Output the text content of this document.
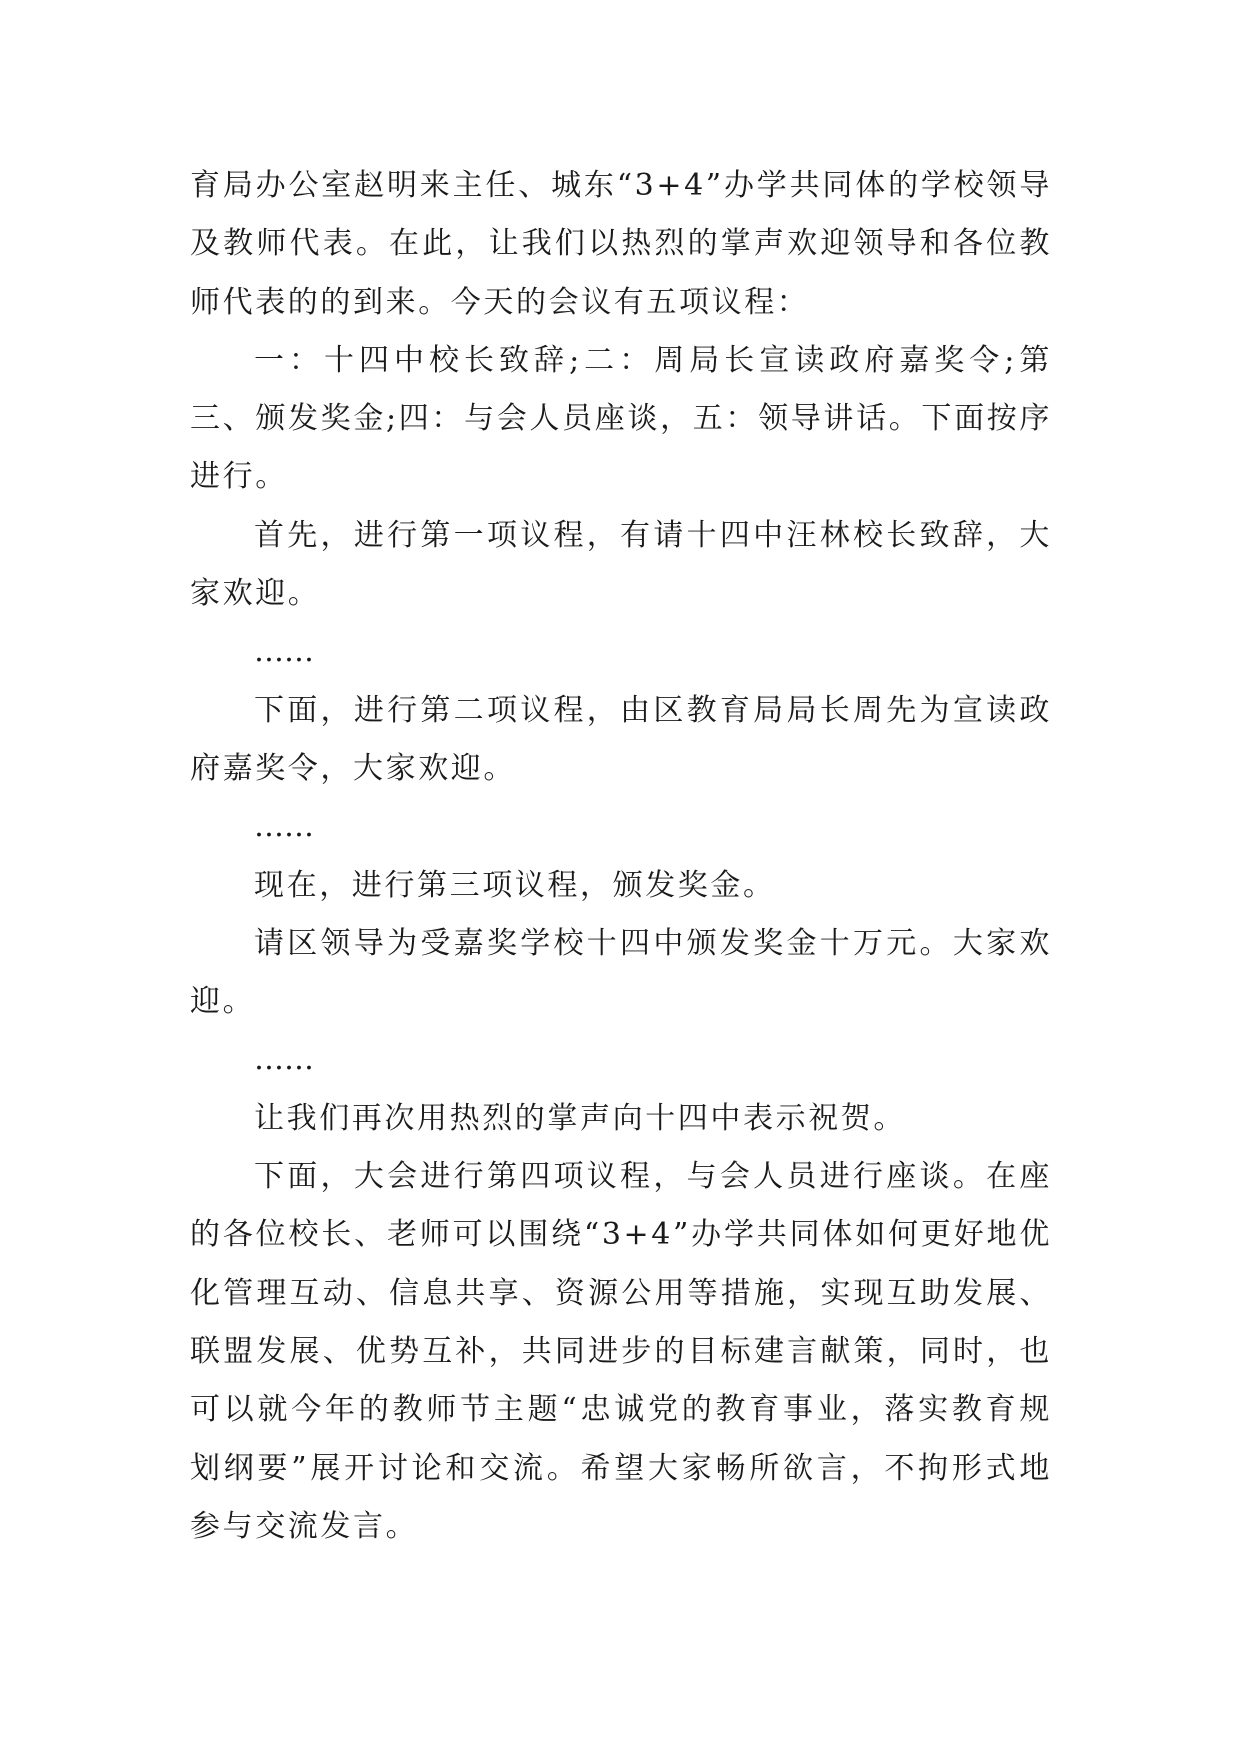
育局办公室赵明来主任、城东“3+4”办学共同体的学校领导及教师代表。在此，让我们以热烈的掌声欢迎领导和各位教师代表的的到来。今天的会议有五项议程：

一：十四中校长致辞;二：周局长宣读政府嘉奖令;第三、颁发奖金;四：与会人员座谈，五：领导讲话。下面按序进行。

首先，进行第一项议程，有请十四中汪林校长致辞，大家欢迎。

……

下面，进行第二项议程，由区教育局局长周先为宣读政府嘉奖令，大家欢迎。

……

现在，进行第三项议程，颁发奖金。

请区领导为受嘉奖学校十四中颁发奖金十万元。大家欢迎。

……

让我们再次用热烈的掌声向十四中表示祝贺。

下面，大会进行第四项议程，与会人员进行座谈。在座的各位校长、老师可以围绕“3+4”办学共同体如何更好地优化管理互动、信息共享、资源公用等措施，实现互助发展、联盟发展、优势互补，共同进步的目标建言献策，同时，也可以就今年的教师节主题“忠诚党的教育事业，落实教育规划纲要”展开讨论和交流。希望大家畅所欲言，不拘形式地参与交流发言。
